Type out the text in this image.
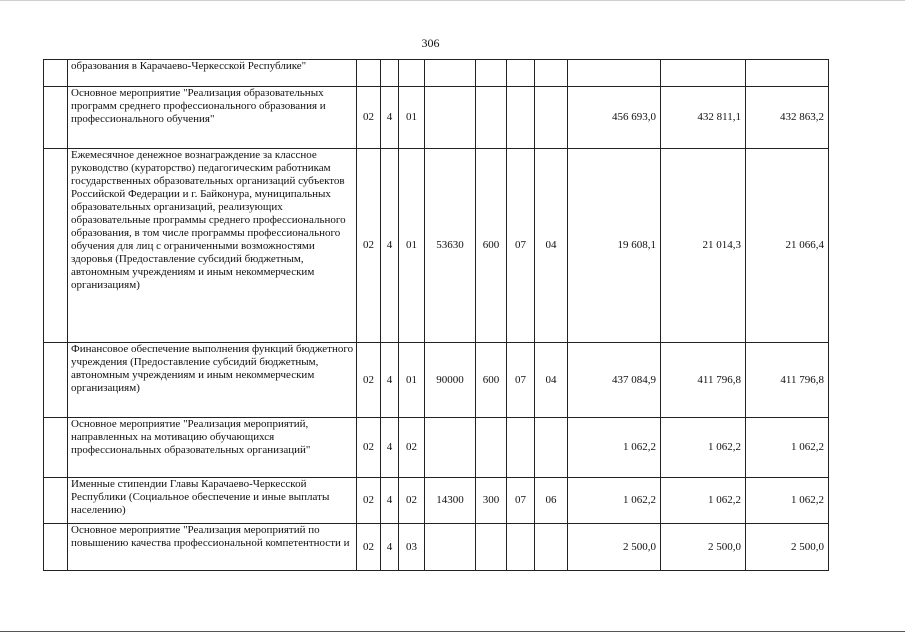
306
	образования в Карачаево-Черкесской Республике"										
	Основное мероприятие "Реализация образовательных программ среднего профессионального образования и профессионального обучения"	02	4	01					456 693,0	432 811,1	432 863,2
	Ежемесячное денежное вознаграждение за классное руководство (кураторство) педагогическим работникам государственных образовательных организаций субъектов Российской Федерации и г. Байконура, муниципальных образовательных организаций, реализующих образовательные программы среднего профессионального образования, в том числе программы профессионального обучения для лиц с ограниченными возможностями здоровья (Предоставление субсидий бюджетным, автономным учреждениям и иным некоммерческим организациям)	02	4	01	53630	600	07	04	19 608,1	21 014,3	21 066,4
	Финансовое обеспечение выполнения функций бюджетного учреждения (Предоставление субсидий бюджетным, автономным учреждениям и иным некоммерческим организациям)	02	4	01	90000	600	07	04	437 084,9	411 796,8	411 796,8
	Основное мероприятие "Реализация мероприятий, направленных на мотивацию обучающихся профессиональных образовательных организаций"	02	4	02					1 062,2	1 062,2	1 062,2
	Именные стипендии Главы Карачаево-Черкесской Республики (Социальное обеспечение и иные выплаты населению)	02	4	02	14300	300	07	06	1 062,2	1 062,2	1 062,2
	Основное мероприятие "Реализация мероприятий по повышению качества профессиональной компетентности и	02	4	03					2 500,0	2 500,0	2 500,0
